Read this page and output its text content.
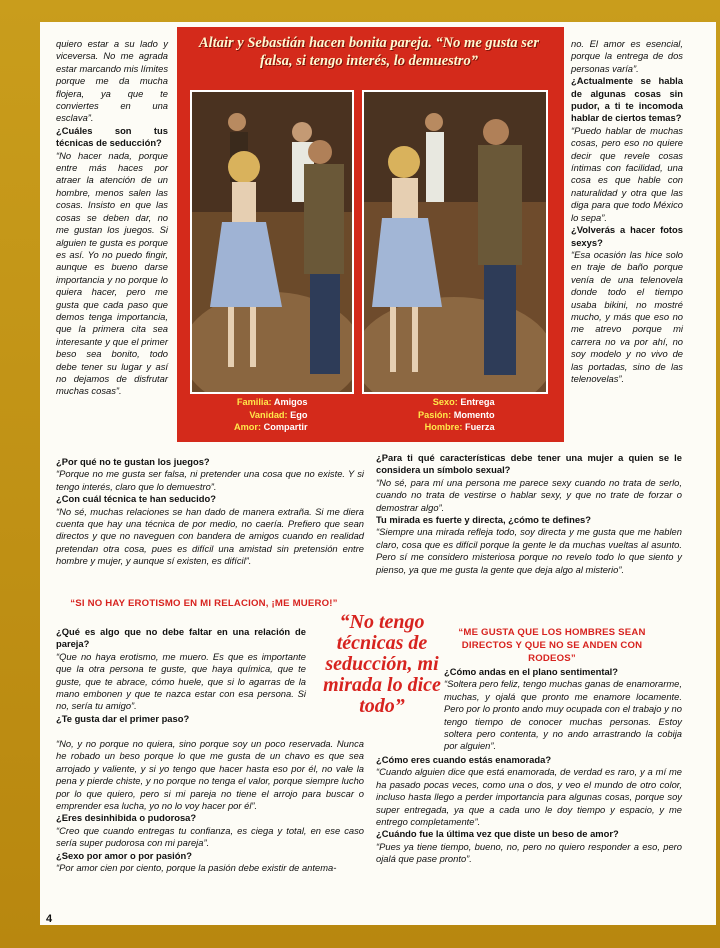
quiero estar a su lado y viceversa. No me agrada estar marcando mis límites porque me da mucha flojera, ya que te conviertes en una esclava”.

¿Cuáles son tus técnicas de seducción?

“No hacer nada, porque entre más haces por atraer la atención de un hombre, menos salen las cosas. Insisto en que las cosas se deben dar, no me gustan los juegos. Si alguien te gusta es porque es así. Yo no puedo fingir, aunque es bueno darse importancia y no porque lo quiera hacer, pero me gusta que cada paso que demos tenga importancia, que la primera cita sea interesante y que el primer beso sea bonito, todo debe tener su lugar y así no dejamos de disfrutar muchas cosas”.

Altair y Sebastián hacen bonita pareja. “No me gusta ser falsa, si tengo interés, lo demuestro”
Familia: Amigos
Vanidad: Ego
Amor: Compartir
Sexo: Entrega
Pasión: Momento
Hombre: Fuerza

no. El amor es esencial, porque la entrega de dos personas varía”.

¿Actualmente se habla de algunas cosas sin pudor, a ti te incomoda hablar de ciertos temas?

“Puedo hablar de muchas cosas, pero eso no quiere decir que revele cosas íntimas con facilidad, una cosa es que hable con naturalidad y otra que las diga para que todo México lo sepa”.

¿Volverás a hacer fotos sexys?

“Esa ocasión las hice solo en traje de baño porque venía de una telenovela donde todo el tiempo usaba bikini, no mostré mucho, y más que eso no me atrevo porque mi carrera no va por ahí, no soy modelo y no vivo de las portadas, sino de las telenovelas”.

¿Por qué no te gustan los juegos?

“Porque no me gusta ser falsa, ni pretender una cosa que no existe. Y si tengo interés, claro que lo demuestro”.

¿Con cuál técnica te han seducido?

“No sé, muchas relaciones se han dado de manera extraña. Si me diera cuenta que hay una técnica de por medio, no caería. Prefiero que sean directos y que no naveguen con bandera de amigos cuando en realidad pretendan otra cosa, pues es difícil una amistad sin pretensión entre hombre y mujer, y aunque sí existen, es difícil”.

¿Para ti qué características debe tener una mujer a quien se le considera un símbolo sexual?

“No sé, para mí una persona me parece sexy cuando no trata de serlo, cuando no trata de vestirse o hablar sexy, y que no trate de forzar o demostrar algo”.

Tu mirada es fuerte y directa, ¿cómo te defines?

“Siempre una mirada refleja todo, soy directa y me gusta que me hablen claro, cosa que es difícil porque la gente le da muchas vueltas al asunto. Pero sí me considero misteriosa porque no revelo todo lo que siento y pienso, ya que me gusta la gente que deja algo al misterio”.

“SI NO HAY EROTISMO EN MI RELACION, ¡ME MUERO!”
“ME GUSTA QUE LOS HOMBRES SEAN DIRECTOS Y QUE NO SE ANDEN CON RODEOS”
“No tengo técnicas de seducción, mi mirada lo dice todo”

¿Qué es algo que no debe faltar en una relación de pareja?

“Que no haya erotismo, me muero. Es que es importante que la otra persona te guste, que haya química, que te guste, que te abrace, cómo huele, que si lo agarras de la mano embonen y que te nazca estar con esa persona. Si no, sería tu amigo”.

¿Te gusta dar el primer paso?

“No, y no porque no quiera, sino porque soy un poco reservada. Nunca he robado un beso porque lo que me gusta de un chavo es que sea arrojado y valiente, y si yo tengo que hacer hasta eso por él, no vale la pena y pierde chiste, y no porque no tenga el valor, porque siempre lucho por lo que quiero, pero si mi pareja no tiene el arrojo para buscar o emprender esa lucha, yo no lo voy hacer por él”.

¿Eres desinhibida o pudorosa?

“Creo que cuando entregas tu confianza, es ciega y total, en ese caso sería super pudorosa con mi pareja”.

¿Sexo por amor o por pasión?

“Por amor cien por ciento, porque la pasión debe existir de antema-

¿Cómo andas en el plano sentimental?

“Soltera pero feliz, tengo muchas ganas de enamorarme, muchas, y ojalá que pronto me enamore locamente. Pero por lo pronto ando muy ocupada con el trabajo y no tengo tiempo de conocer muchas personas. Estoy soltera pero contenta, y no ando arrastrando la cobija por alguien”.

¿Cómo eres cuando estás enamorada?

“Cuando alguien dice que está enamorada, de verdad es raro, y a mí me ha pasado pocas veces, como una o dos, y veo el mundo de otro color, incluso hasta llego a perder importancia para algunas cosas, porque soy super entregada, ya que a cada uno le doy tiempo y espacio, y me entrego completamente”.

¿Cuándo fue la última vez que diste un beso de amor?

“Pues ya tiene tiempo, bueno, no, pero no quiero responder a eso, pero ojalá que pase pronto”.

4
